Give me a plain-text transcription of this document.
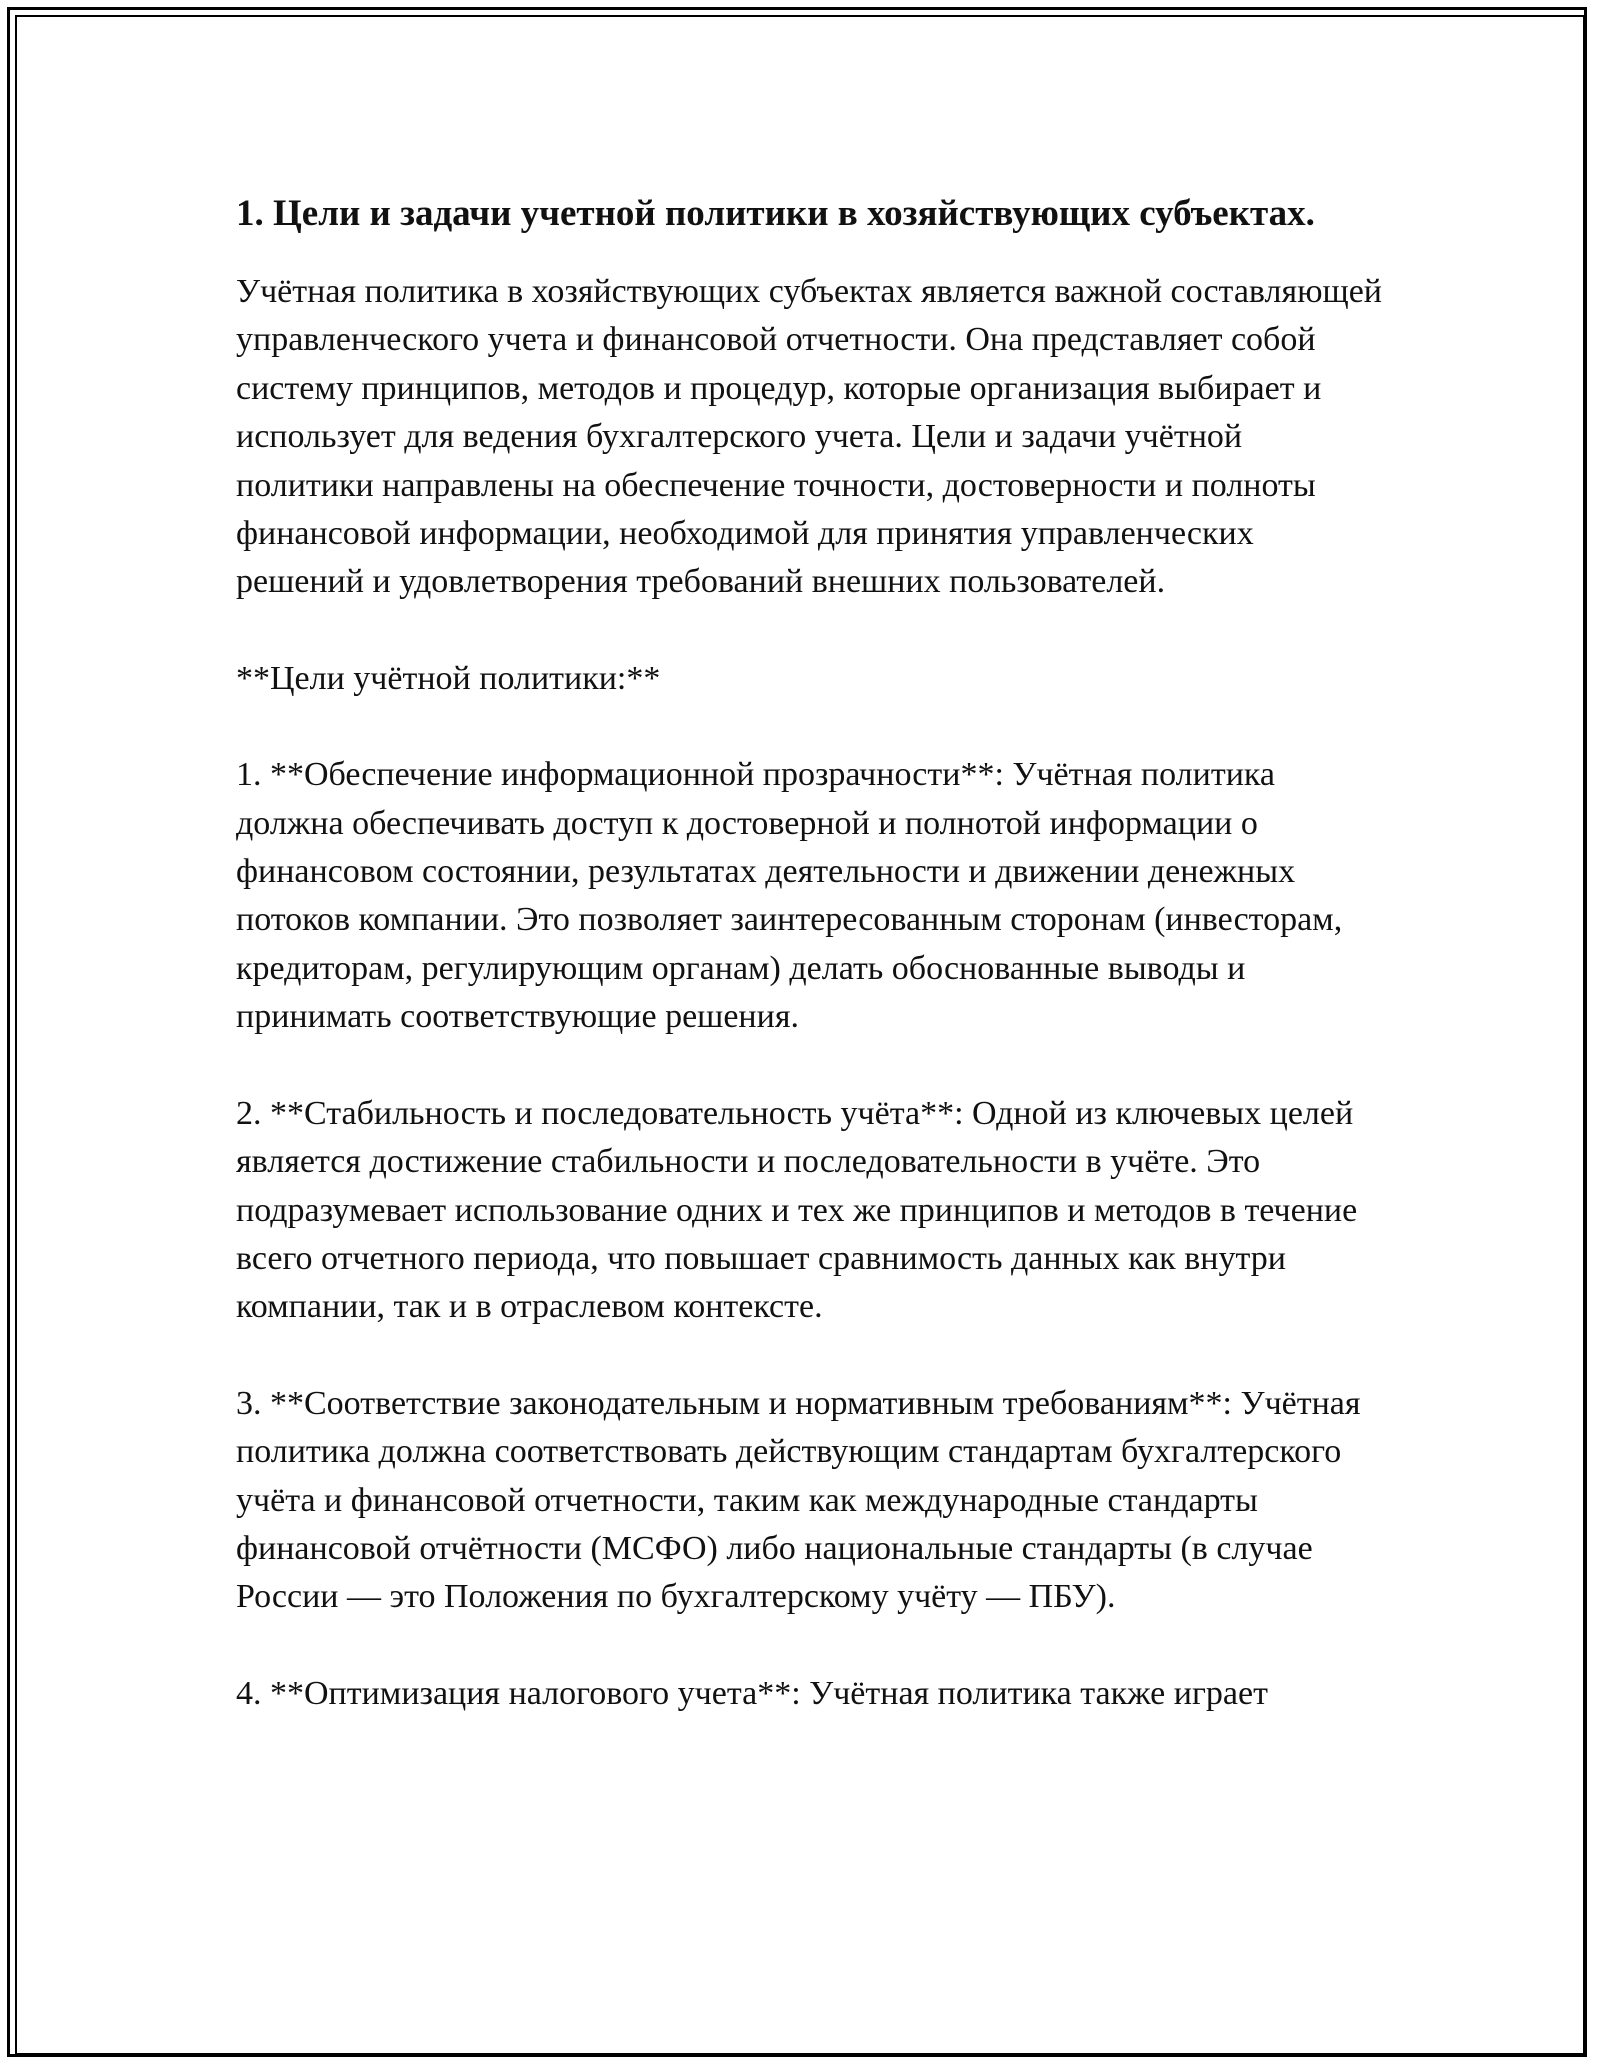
1. Цели и задачи учетной политики в хозяйствующих субъектах.

Учётная политика в хозяйствующих субъектах является важной составляющей управленческого учета и финансовой отчетности. Она представляет собой систему принципов, методов и процедур, которые организация выбирает и использует для ведения бухгалтерского учета. Цели и задачи учётной политики направлены на обеспечение точности, достоверности и полноты финансовой информации, необходимой для принятия управленческих решений и удовлетворения требований внешних пользователей.

**Цели учётной политики:**

1. **Обеспечение информационной прозрачности**: Учётная политика должна обеспечивать доступ к достоверной и полнотой информации о финансовом состоянии, результатах деятельности и движении денежных потоков компании. Это позволяет заинтересованным сторонам (инвесторам, кредиторам, регулирующим органам) делать обоснованные выводы и принимать соответствующие решения.

2. **Стабильность и последовательность учёта**: Одной из ключевых целей является достижение стабильности и последовательности в учёте. Это подразумевает использование одних и тех же принципов и методов в течение всего отчетного периода, что повышает сравнимость данных как внутри компании, так и в отраслевом контексте.

3. **Соответствие законодательным и нормативным требованиям**: Учётная политика должна соответствовать действующим стандартам бухгалтерского учёта и финансовой отчетности, таким как международные стандарты финансовой отчётности (МСФО) либо национальные стандарты (в случае России — это Положения по бухгалтерскому учёту — ПБУ).

4. **Оптимизация налогового учета**: Учётная политика также играет
